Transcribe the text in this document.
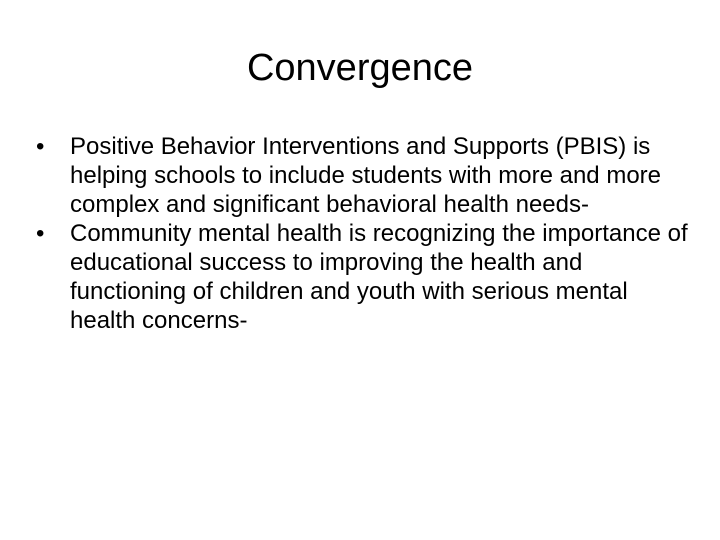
Convergence
•	Positive Behavior Interventions and Supports (PBIS) is helping schools to include students with more and more complex and significant behavioral health needs-
•	Community mental health is recognizing the importance of educational success to improving the health and functioning of children and youth with serious mental health concerns-
